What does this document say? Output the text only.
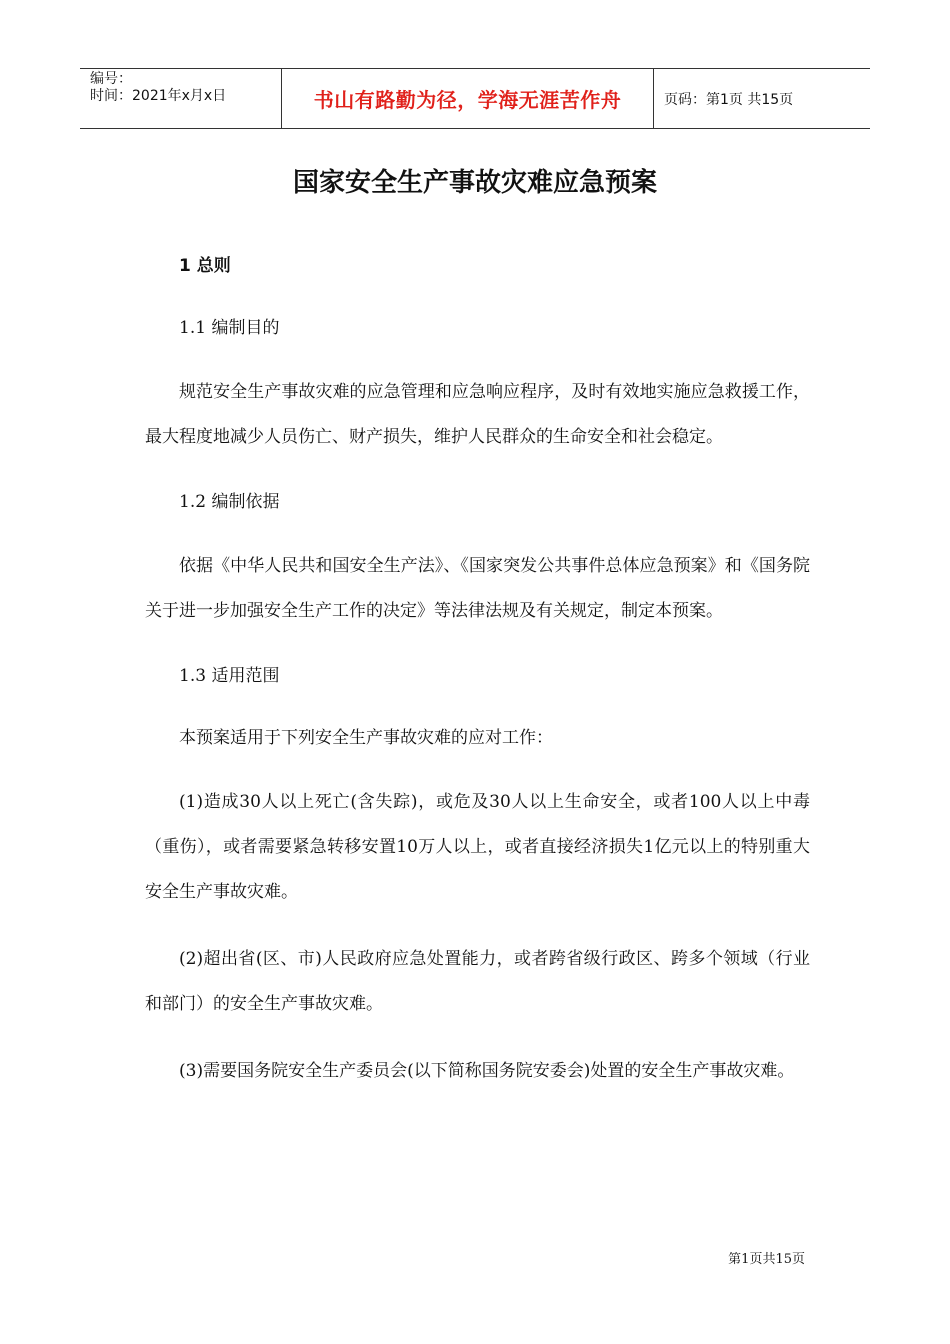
编号：
时间：2021年x月x日	书山有路勤为径，学海无涯苦作舟	页码：第1页 共15页
国家安全生产事故灾难应急预案

1 总则

1.1 编制目的

规范安全生产事故灾难的应急管理和应急响应程序，及时有效地实施应急救援工作，最大程度地减少人员伤亡、财产损失，维护人民群众的生命安全和社会稳定。

1.2 编制依据

依据《中华人民共和国安全生产法》、《国家突发公共事件总体应急预案》和《国务院关于进一步加强安全生产工作的决定》等法律法规及有关规定，制定本预案。

1.3 适用范围

本预案适用于下列安全生产事故灾难的应对工作：

(1)造成30人以上死亡(含失踪)，或危及30人以上生命安全，或者100人以上中毒（重伤），或者需要紧急转移安置10万人以上，或者直接经济损失1亿元以上的特别重大安全生产事故灾难。

(2)超出省(区、市)人民政府应急处置能力，或者跨省级行政区、跨多个领域（行业和部门）的安全生产事故灾难。

(3)需要国务院安全生产委员会(以下简称国务院安委会)处置的安全生产事故灾难。

第1页共15页
